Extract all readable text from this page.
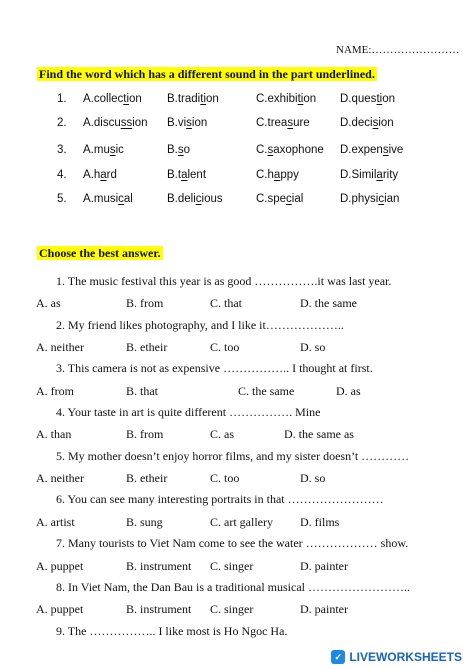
NAME:……………………
Find the word which has a different sound in the part underlined.
1. A.collection B.tradition	C.exhibition D.question
2. A.discussion B.vision	C.treasure	D.decision
3. A.music	B.so	C.saxophone D.expensive
4. A.hard	B.talent	C.happy	D.Similarity
5. A.musical	B.delicious	C.special	D.physician
Choose the best answer.
1. The music festival this year is as good …………….it was last year.
A. as	B. from	C. that	D. the same
2. My friend likes photography, and I like it………………..
A. neither	B. etheir	C. too	D. so
3. This camera is not as expensive …………….. I thought at first.
A. from	B. that	C. the same	D. as
4. Your taste in art is quite different ……………. Mine
A. than	B. from	C. as	D. the same as
5. My mother doesn’t enjoy horror films, and my sister doesn’t …………
A. neither	B. etheir	C. too	D. so
6. You can see many interesting portraits in that ……………………
A. artist	B. sung	C. art gallery D. films
7. Many tourists to Viet Nam come to see the water ……………… show.
A. puppet	B. instrument C. singer	D. painter
8. In Viet Nam, the Dan Bau is a traditional musical ……………………..
A. puppet	B. instrument C. singer	D. painter
9. The …………….. I like most is Ho Ngoc Ha.
✓ LIVEWORKSHEETS
